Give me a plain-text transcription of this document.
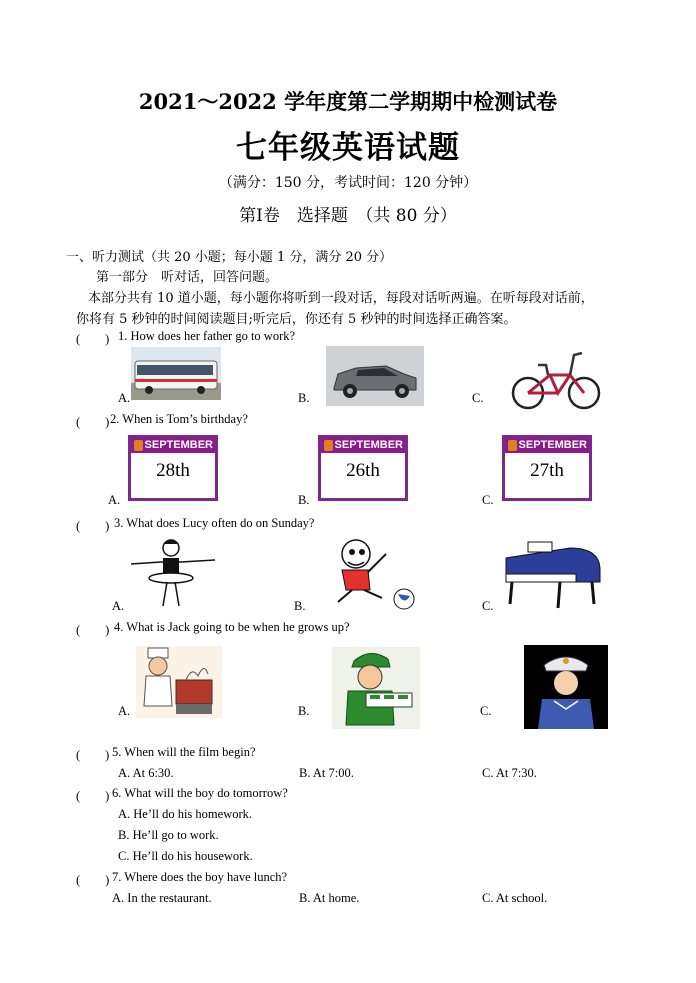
2021～2022 学年度第二学期期中检测试卷
七年级英语试题
（满分：150 分，考试时间：120 分钟）
第Ⅰ卷　选择题　（共 80 分）
一、听力测试（共 20 小题；每小题 1 分，满分 20 分）
第一部分　听对话，回答问题。
本部分共有 10 道小题，每小题你将听到一段对话，每段对话听两遍。在听每段对话前，
你将有 5 秒钟的时间阅读题目;听完后，你还有 5 秒钟的时间选择正确答案。
(　　) 1. How does her father go to work?
A.	B.	C.
(　　) 2. When is Tom’s birthday?
A.	B.	C.
SEPTEMBER
28th
SEPTEMBER
26th
SEPTEMBER
27th
(　　) 3. What does Lucy often do on Sunday?
A.	B.	C.
(　　) 4. What is Jack going to be when he grows up?
A.	B.	C.
(　　) 5. When will the film begin?
A. At 6:30.	B. At 7:00.	C. At 7:30.
(　　) 6. What will the boy do tomorrow?
A. He’ll do his homework.
B. He’ll go to work.
C. He’ll do his housework.
(　　) 7. Where does the boy have lunch?
A. In the restaurant.	B. At home.	C. At school.
